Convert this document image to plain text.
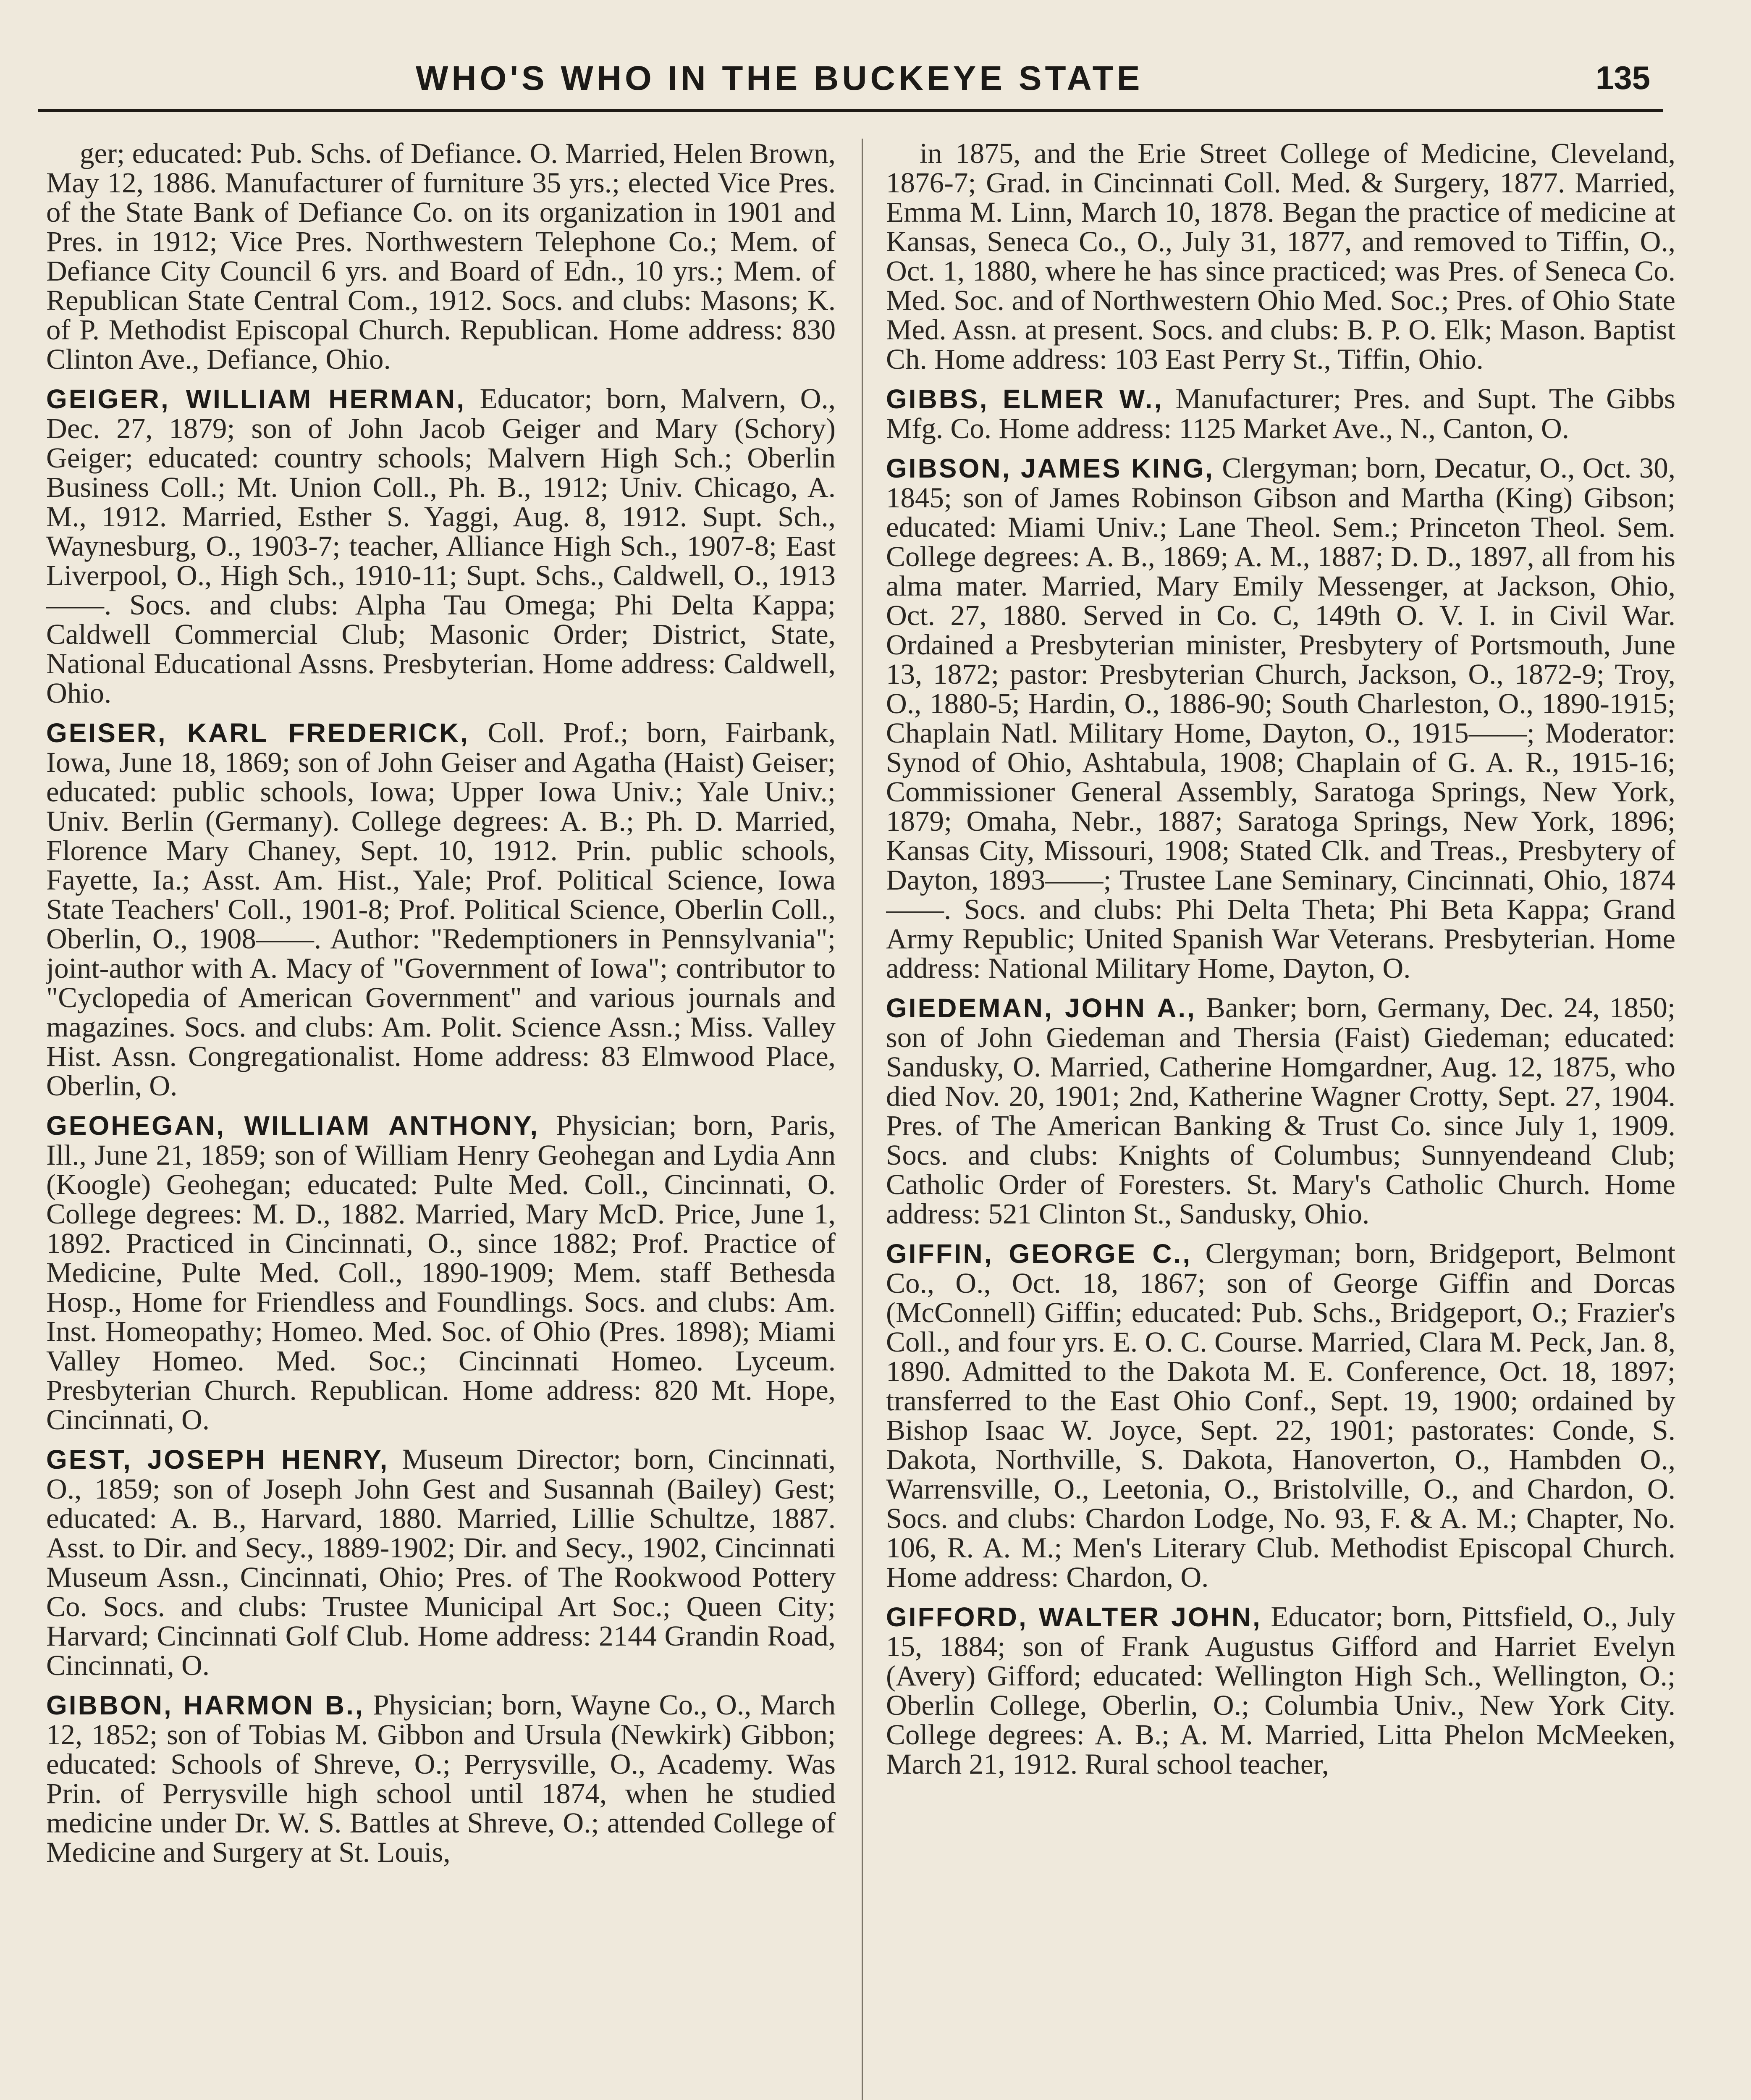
WHO'S WHO IN THE BUCKEYE STATE	135

ger; educated: Pub. Schs. of Defiance. O. Married, Helen Brown, May 12, 1886. Manufacturer of furniture 35 yrs.; elected Vice Pres. of the State Bank of Defiance Co. on its organization in 1901 and Pres. in 1912; Vice Pres. Northwestern Telephone Co.; Mem. of Defiance City Council 6 yrs. and Board of Edn., 10 yrs.; Mem. of Republican State Central Com., 1912. Socs. and clubs: Masons; K. of P. Methodist Episcopal Church. Republican. Home address: 830 Clinton Ave., Defiance, Ohio.

GEIGER, WILLIAM HERMAN, Educator; born, Malvern, O., Dec. 27, 1879; son of John Jacob Geiger and Mary (Schory) Geiger; educated: country schools; Malvern High Sch.; Oberlin Business Coll.; Mt. Union Coll., Ph. B., 1912; Univ. Chicago, A. M., 1912. Married, Esther S. Yaggi, Aug. 8, 1912. Supt. Sch., Waynesburg, O., 1903-7; teacher, Alliance High Sch., 1907-8; East Liverpool, O., High Sch., 1910-11; Supt. Schs., Caldwell, O., 1913——. Socs. and clubs: Alpha Tau Omega; Phi Delta Kappa; Caldwell Commercial Club; Masonic Order; District, State, National Educational Assns. Presbyterian. Home address: Caldwell, Ohio.

GEISER, KARL FREDERICK, Coll. Prof.; born, Fairbank, Iowa, June 18, 1869; son of John Geiser and Agatha (Haist) Geiser; educated: public schools, Iowa; Upper Iowa Univ.; Yale Univ.; Univ. Berlin (Germany). College degrees: A. B.; Ph. D. Married, Florence Mary Chaney, Sept. 10, 1912. Prin. public schools, Fayette, Ia.; Asst. Am. Hist., Yale; Prof. Political Science, Iowa State Teachers' Coll., 1901-8; Prof. Political Science, Oberlin Coll., Oberlin, O., 1908——. Author: "Redemptioners in Pennsylvania"; joint-author with A. Macy of "Government of Iowa"; contributor to "Cyclopedia of American Government" and various journals and magazines. Socs. and clubs: Am. Polit. Science Assn.; Miss. Valley Hist. Assn. Congregationalist. Home address: 83 Elmwood Place, Oberlin, O.

GEOHEGAN, WILLIAM ANTHONY, Physician; born, Paris, Ill., June 21, 1859; son of William Henry Geohegan and Lydia Ann (Koogle) Geohegan; educated: Pulte Med. Coll., Cincinnati, O. College degrees: M. D., 1882. Married, Mary McD. Price, June 1, 1892. Practiced in Cincinnati, O., since 1882; Prof. Practice of Medicine, Pulte Med. Coll., 1890-1909; Mem. staff Bethesda Hosp., Home for Friendless and Foundlings. Socs. and clubs: Am. Inst. Homeopathy; Homeo. Med. Soc. of Ohio (Pres. 1898); Miami Valley Homeo. Med. Soc.; Cincinnati Homeo. Lyceum. Presbyterian Church. Republican. Home address: 820 Mt. Hope, Cincinnati, O.

GEST, JOSEPH HENRY, Museum Director; born, Cincinnati, O., 1859; son of Joseph John Gest and Susannah (Bailey) Gest; educated: A. B., Harvard, 1880. Married, Lillie Schultze, 1887. Asst. to Dir. and Secy., 1889-1902; Dir. and Secy., 1902, Cincinnati Museum Assn., Cincinnati, Ohio; Pres. of The Rookwood Pottery Co. Socs. and clubs: Trustee Municipal Art Soc.; Queen City; Harvard; Cincinnati Golf Club. Home address: 2144 Grandin Road, Cincinnati, O.

GIBBON, HARMON B., Physician; born, Wayne Co., O., March 12, 1852; son of Tobias M. Gibbon and Ursula (Newkirk) Gibbon; educated: Schools of Shreve, O.; Perrysville, O., Academy. Was Prin. of Perrysville high school until 1874, when he studied medicine under Dr. W. S. Battles at Shreve, O.; attended College of Medicine and Surgery at St. Louis,

in 1875, and the Erie Street College of Medicine, Cleveland, 1876-7; Grad. in Cincinnati Coll. Med. & Surgery, 1877. Married, Emma M. Linn, March 10, 1878. Began the practice of medicine at Kansas, Seneca Co., O., July 31, 1877, and removed to Tiffin, O., Oct. 1, 1880, where he has since practiced; was Pres. of Seneca Co. Med. Soc. and of Northwestern Ohio Med. Soc.; Pres. of Ohio State Med. Assn. at present. Socs. and clubs: B. P. O. Elk; Mason. Baptist Ch. Home address: 103 East Perry St., Tiffin, Ohio.

GIBBS, ELMER W., Manufacturer; Pres. and Supt. The Gibbs Mfg. Co. Home address: 1125 Market Ave., N., Canton, O.

GIBSON, JAMES KING, Clergyman; born, Decatur, O., Oct. 30, 1845; son of James Robinson Gibson and Martha (King) Gibson; educated: Miami Univ.; Lane Theol. Sem.; Princeton Theol. Sem. College degrees: A. B., 1869; A. M., 1887; D. D., 1897, all from his alma mater. Married, Mary Emily Messenger, at Jackson, Ohio, Oct. 27, 1880. Served in Co. C, 149th O. V. I. in Civil War. Ordained a Presbyterian minister, Presbytery of Portsmouth, June 13, 1872; pastor: Presbyterian Church, Jackson, O., 1872-9; Troy, O., 1880-5; Hardin, O., 1886-90; South Charleston, O., 1890-1915; Chaplain Natl. Military Home, Dayton, O., 1915——; Moderator: Synod of Ohio, Ashtabula, 1908; Chaplain of G. A. R., 1915-16; Commissioner General Assembly, Saratoga Springs, New York, 1879; Omaha, Nebr., 1887; Saratoga Springs, New York, 1896; Kansas City, Missouri, 1908; Stated Clk. and Treas., Presbytery of Dayton, 1893——; Trustee Lane Seminary, Cincinnati, Ohio, 1874——. Socs. and clubs: Phi Delta Theta; Phi Beta Kappa; Grand Army Republic; United Spanish War Veterans. Presbyterian. Home address: National Military Home, Dayton, O.

GIEDEMAN, JOHN A., Banker; born, Germany, Dec. 24, 1850; son of John Giedeman and Thersia (Faist) Giedeman; educated: Sandusky, O. Married, Catherine Homgardner, Aug. 12, 1875, who died Nov. 20, 1901; 2nd, Katherine Wagner Crotty, Sept. 27, 1904. Pres. of The American Banking & Trust Co. since July 1, 1909. Socs. and clubs: Knights of Columbus; Sunnyendeand Club; Catholic Order of Foresters. St. Mary's Catholic Church. Home address: 521 Clinton St., Sandusky, Ohio.

GIFFIN, GEORGE C., Clergyman; born, Bridgeport, Belmont Co., O., Oct. 18, 1867; son of George Giffin and Dorcas (McConnell) Giffin; educated: Pub. Schs., Bridgeport, O.; Frazier's Coll., and four yrs. E. O. C. Course. Married, Clara M. Peck, Jan. 8, 1890. Admitted to the Dakota M. E. Conference, Oct. 18, 1897; transferred to the East Ohio Conf., Sept. 19, 1900; ordained by Bishop Isaac W. Joyce, Sept. 22, 1901; pastorates: Conde, S. Dakota, Northville, S. Dakota, Hanoverton, O., Hambden O., Warrensville, O., Leetonia, O., Bristolville, O., and Chardon, O. Socs. and clubs: Chardon Lodge, No. 93, F. & A. M.; Chapter, No. 106, R. A. M.; Men's Literary Club. Methodist Episcopal Church. Home address: Chardon, O.

GIFFORD, WALTER JOHN, Educator; born, Pittsfield, O., July 15, 1884; son of Frank Augustus Gifford and Harriet Evelyn (Avery) Gifford; educated: Wellington High Sch., Wellington, O.; Oberlin College, Oberlin, O.; Columbia Univ., New York City. College degrees: A. B.; A. M. Married, Litta Phelon McMeeken, March 21, 1912. Rural school teacher,
